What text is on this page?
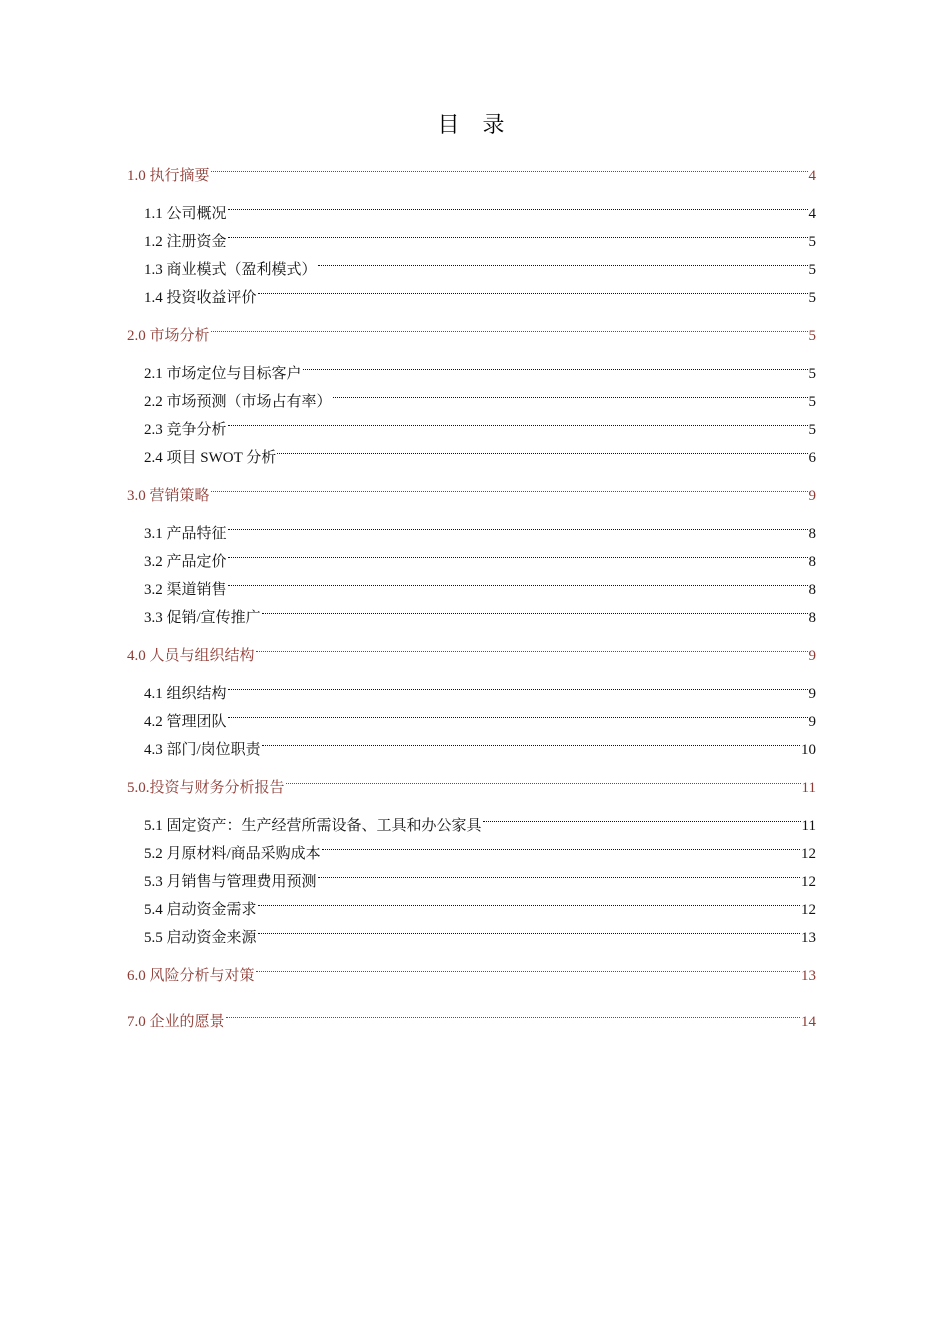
目 录
1.0 执行摘要	4
1.1 公司概况	4
1.2 注册资金	5
1.3 商业模式（盈利模式）	5
1.4 投资收益评价	5
2.0 市场分析	5
2.1 市场定位与目标客户	5
2.2 市场预测（市场占有率）	5
2.3 竞争分析	5
2.4 项目 SWOT 分析	6
3.0 营销策略	9
3.1 产品特征	8
3.2 产品定价	8
3.2 渠道销售	8
3.3 促销/宣传推广	8
4.0 人员与组织结构	9
4.1 组织结构	9
4.2 管理团队	9
4.3 部门/岗位职责	10
5.0.投资与财务分析报告	11
5.1 固定资产：生产经营所需设备、工具和办公家具	11
5.2 月原材料/商品采购成本	12
5.3 月销售与管理费用预测	12
5.4 启动资金需求	12
5.5 启动资金来源	13
6.0 风险分析与对策	13
7.0 企业的愿景	14
